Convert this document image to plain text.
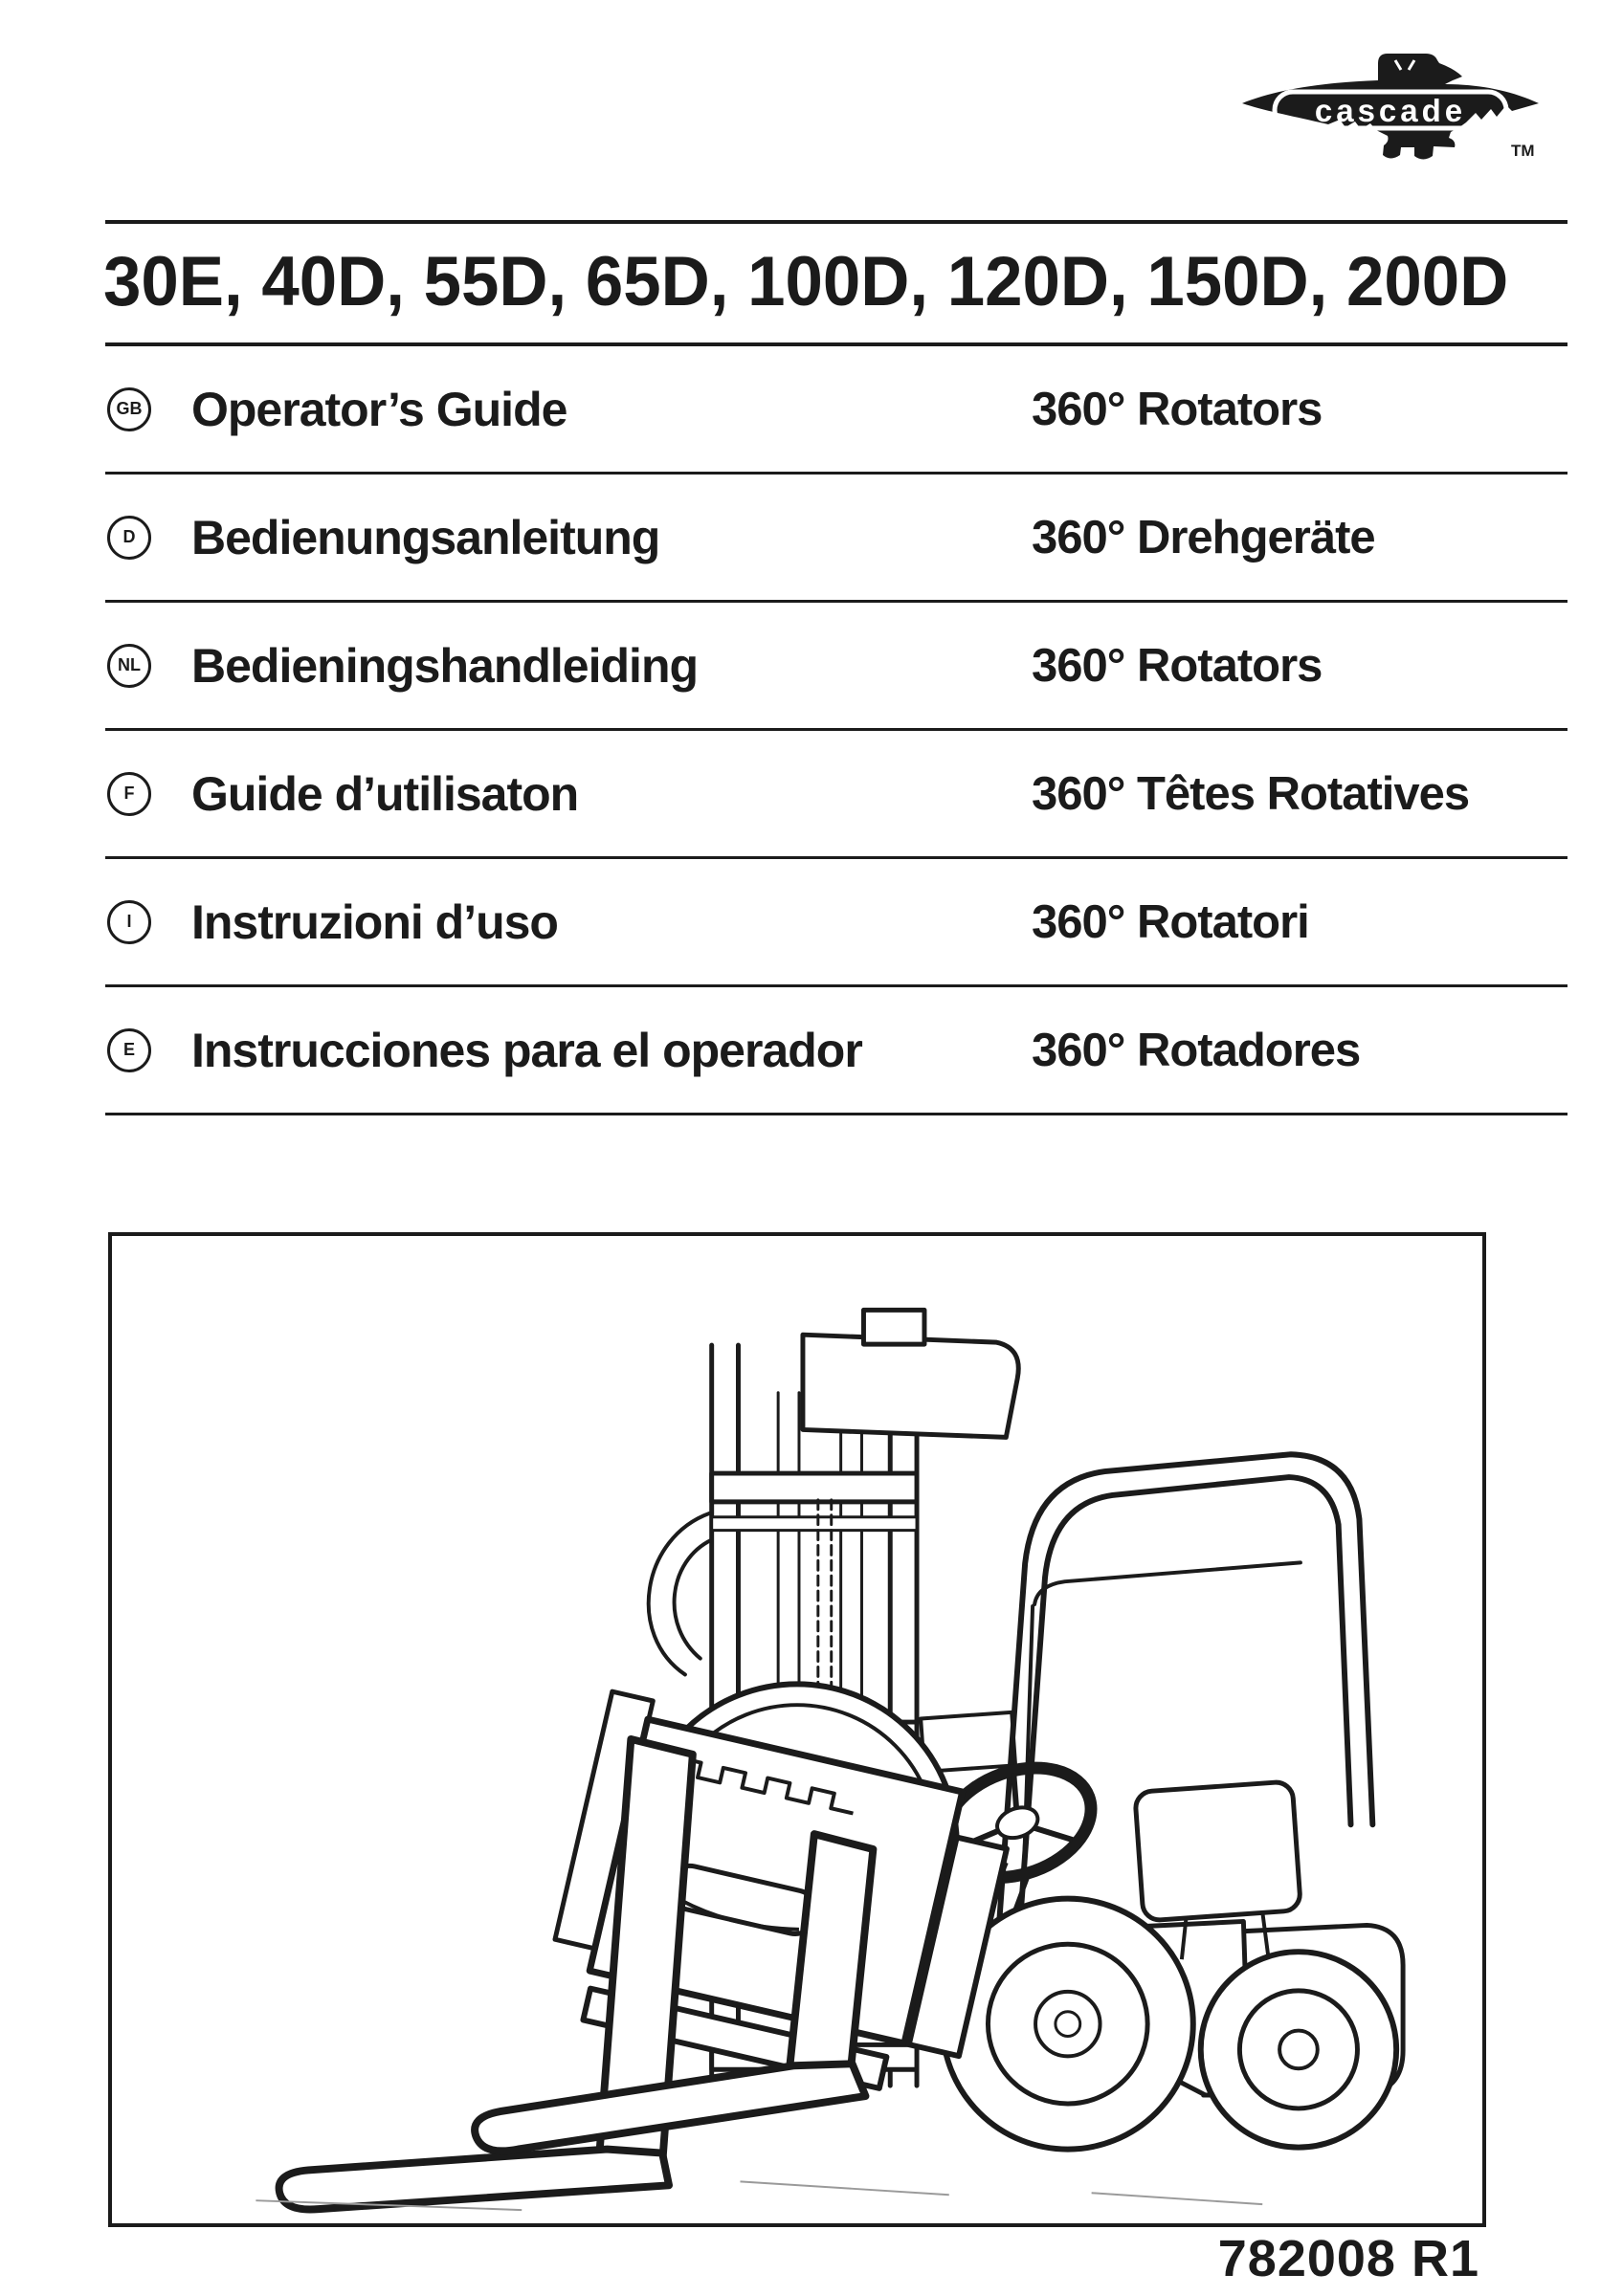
cascade
TM
30E, 40D, 55D, 65D, 100D, 120D, 150D, 200D
GB Operator’s Guide	360° Rotators
D	Bedienungsanleitung	360° Drehgeräte
NL Bedieningshandleiding	360° Rotators
F	Guide d’utilisaton	360° Têtes Rotatives
I	Instruzioni d’uso	360° Rotatori
E	Instrucciones para el operador	360° Rotadores
782008 R1
